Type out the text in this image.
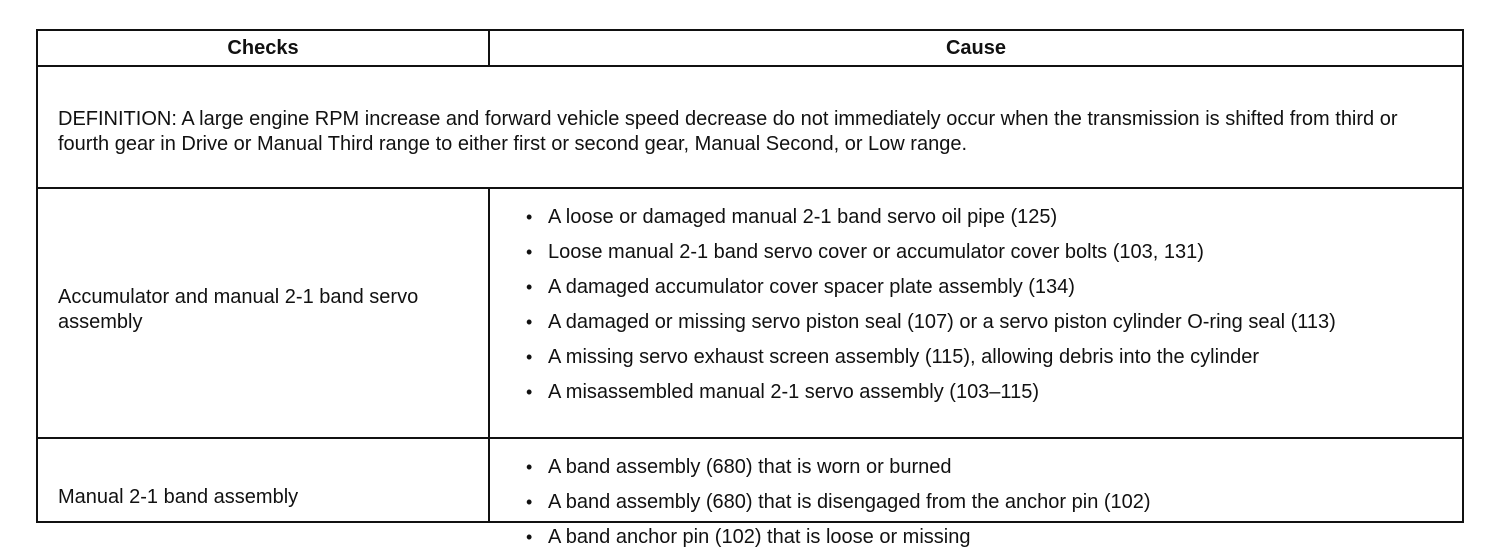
Checks	Cause
DEFINITION: A large engine RPM increase and forward vehicle speed decrease do not immediately occur when the transmission is shifted from third or fourth gear in Drive or Manual Third range to either first or second gear, Manual Second, or Low range.
Accumulator and manual 2-1 band servo assembly
• A loose or damaged manual 2-1 band servo oil pipe (125)
• Loose manual 2-1 band servo cover or accumulator cover bolts (103, 131)
• A damaged accumulator cover spacer plate assembly (134)
• A damaged or missing servo piston seal (107) or a servo piston cylinder O-ring seal (113)
• A missing servo exhaust screen assembly (115), allowing debris into the cylinder
• A misassembled manual 2-1 servo assembly (103–115)
Manual 2-1 band assembly
• A band assembly (680) that is worn or burned
• A band assembly (680) that is disengaged from the anchor pin (102)
• A band anchor pin (102) that is loose or missing
